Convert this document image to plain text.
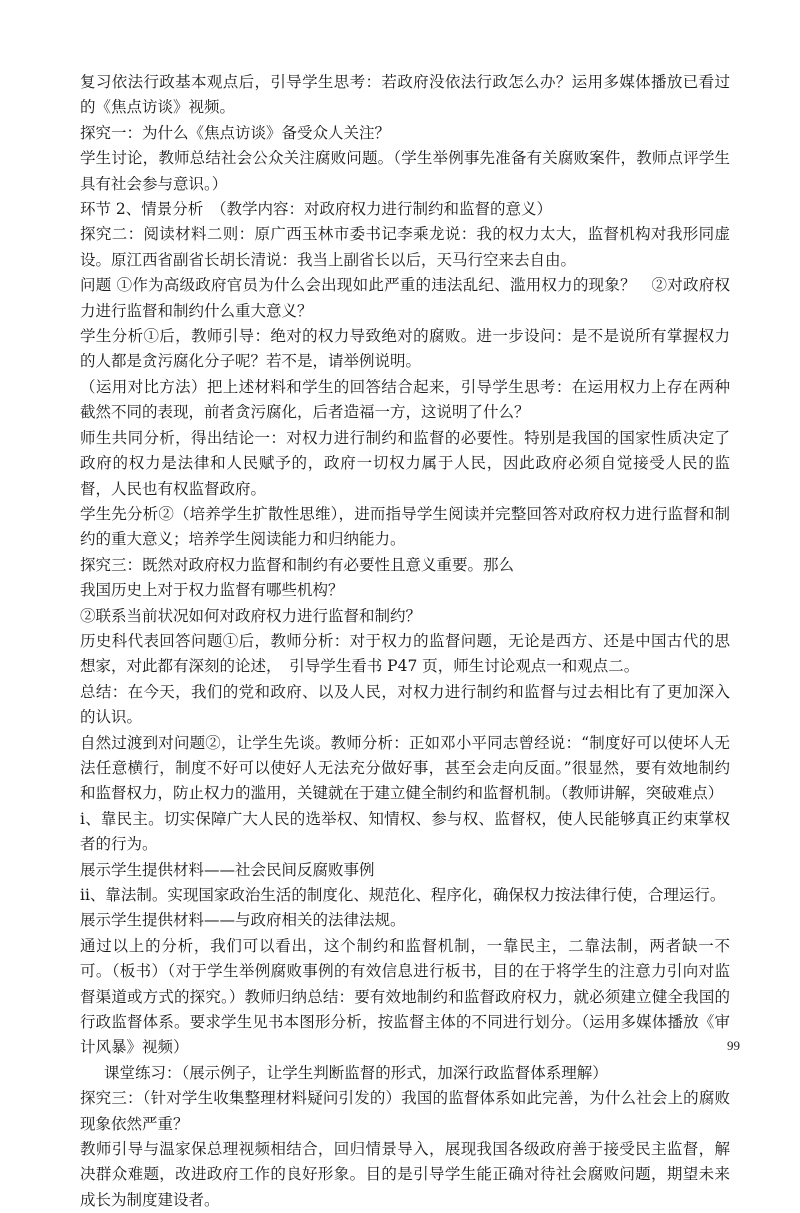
复习依法行政基本观点后，引导学生思考：若政府没依法行政怎么办？运用多媒体播放已看过的《焦点访谈》视频。

探究一：为什么《焦点访谈》备受众人关注？

学生讨论，教师总结社会公众关注腐败问题。（学生举例事先准备有关腐败案件，教师点评学生具有社会参与意识。）

环节 2、情景分析　（教学内容：对政府权力进行制约和监督的意义）

探究二：阅读材料二则：原广西玉林市委书记李乘龙说：我的权力太大，监督机构对我形同虚设。原江西省副省长胡长清说：我当上副省长以后，天马行空来去自由。

问题 ①作为高级政府官员为什么会出现如此严重的违法乱纪、滥用权力的现象？　②对政府权力进行监督和制约什么重大意义？

学生分析①后，教师引导：绝对的权力导致绝对的腐败。进一步设问：是不是说所有掌握权力的人都是贪污腐化分子呢？若不是，请举例说明。

（运用对比方法）把上述材料和学生的回答结合起来，引导学生思考：在运用权力上存在两种截然不同的表现，前者贪污腐化，后者造福一方，这说明了什么？

师生共同分析，得出结论一：对权力进行制约和监督的必要性。特别是我国的国家性质决定了政府的权力是法律和人民赋予的，政府一切权力属于人民，因此政府必须自觉接受人民的监督，人民也有权监督政府。

学生先分析②（培养学生扩散性思维），进而指导学生阅读并完整回答对政府权力进行监督和制约的重大意义；培养学生阅读能力和归纳能力。

探究三：既然对政府权力监督和制约有必要性且意义重要。那么

我国历史上对于权力监督有哪些机构？

②联系当前状况如何对政府权力进行监督和制约？

历史科代表回答问题①后，教师分析：对于权力的监督问题，无论是西方、还是中国古代的思想家，对此都有深刻的论述，　引导学生看书 P47 页，师生讨论观点一和观点二。

总结：在今天，我们的党和政府、以及人民，对权力进行制约和监督与过去相比有了更加深入的认识。

自然过渡到对问题②，让学生先谈。教师分析：正如邓小平同志曾经说：“制度好可以使坏人无法任意横行，制度不好可以使好人无法充分做好事，甚至会走向反面。”很显然，要有效地制约和监督权力，防止权力的滥用，关键就在于建立健全制约和监督机制。（教师讲解，突破难点）

ⅰ、靠民主。切实保障广大人民的选举权、知情权、参与权、监督权，使人民能够真正约束掌权者的行为。

展示学生提供材料——社会民间反腐败事例

ⅱ、靠法制。实现国家政治生活的制度化、规范化、程序化，确保权力按法律行使，合理运行。

展示学生提供材料——与政府相关的法律法规。

通过以上的分析，我们可以看出，这个制约和监督机制，一靠民主，二靠法制，两者缺一不可。（板书）（对于学生举例腐败事例的有效信息进行板书，目的在于将学生的注意力引向对监督渠道或方式的探究。）教师归纳总结：要有效地制约和监督政府权力，就必须建立健全我国的行政监督体系。要求学生见书本图形分析，按监督主体的不同进行划分。（运用多媒体播放《审计风暴》视频）

课堂练习：（展示例子，让学生判断监督的形式，加深行政监督体系理解）

探究三：（针对学生收集整理材料疑问引发的）我国的监督体系如此完善，为什么社会上的腐败现象依然严重？

教师引导与温家保总理视频相结合，回归情景导入，展现我国各级政府善于接受民主监督，解决群众难题，改进政府工作的良好形象。目的是引导学生能正确对待社会腐败问题，期望未来成长为制度建设者。

99
